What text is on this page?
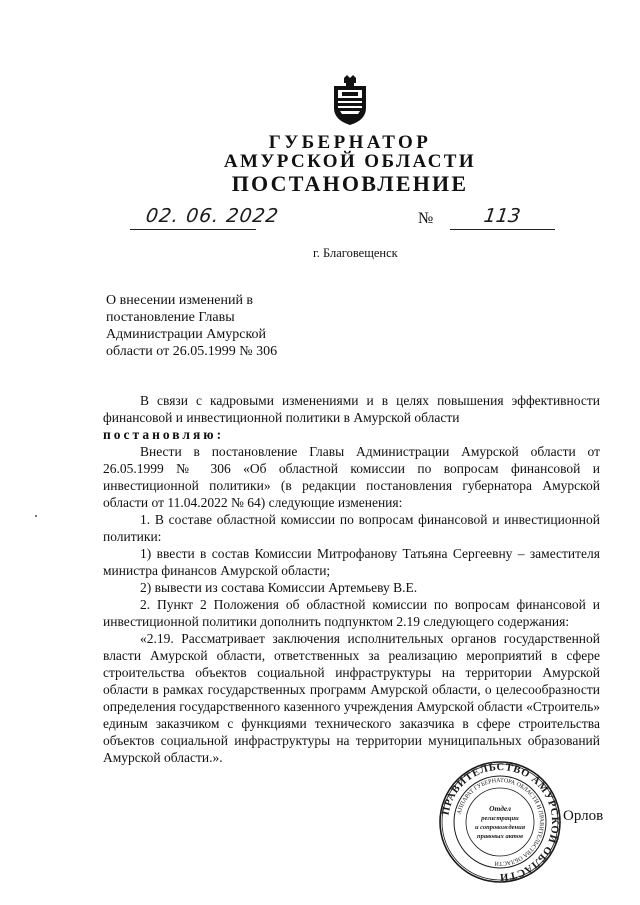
ГУБЕРНАТОР
АМУРСКОЙ ОБЛАСТИ
ПОСТАНОВЛЕНИЕ
02. 06. 2022	№	113
г. Благовещенск
О внесении изменений в
постановление Главы
Администрации Амурской
области от 26.05.1999 № 306

В связи с кадровыми изменениями и в целях повышения эффективности финансовой и инвестиционной политики в Амурской области

постановляю:

Внести в постановление Главы Администрации Амурской области от 26.05.1999 № 306 «Об областной комиссии по вопросам финансовой и инвестиционной политики» (в редакции постановления губернатора Амурской области от 11.04.2022 № 64) следующие изменения:

1. В составе областной комиссии по вопросам финансовой и инвестиционной политики:

1) ввести в состав Комиссии Митрофанову Татьяна Сергеевну – заместителя министра финансов Амурской области;

2) вывести из состава Комиссии Артемьеву В.Е.

2. Пункт 2 Положения об областной комиссии по вопросам финансовой и инвестиционной политики дополнить подпунктом 2.19 следующего содержания:

«2.19. Рассматривает заключения исполнительных органов государственной власти Амурской области, ответственных за реализацию мероприятий в сфере строительства объектов социальной инфраструктуры на территории Амурской области в рамках государственных программ Амурской области, о целесообразности определения государственного казенного учреждения Амурской области «Строитель» единым заказчиком с функциями технического заказчика в сфере строительства объектов социальной инфраструктуры на территории муниципальных образований Амурской области.».

ПРАВИТЕЛЬСТВО АМУРСКОЙ ОБЛАСТИ
АППАРАТ ГУБЕРНАТОРА ОБЛАСТИ И ПРАВИТЕЛЬСТВА ОБЛАСТИ
Отдел
регистрации
и сопровождения
правовых актов
Орлов
